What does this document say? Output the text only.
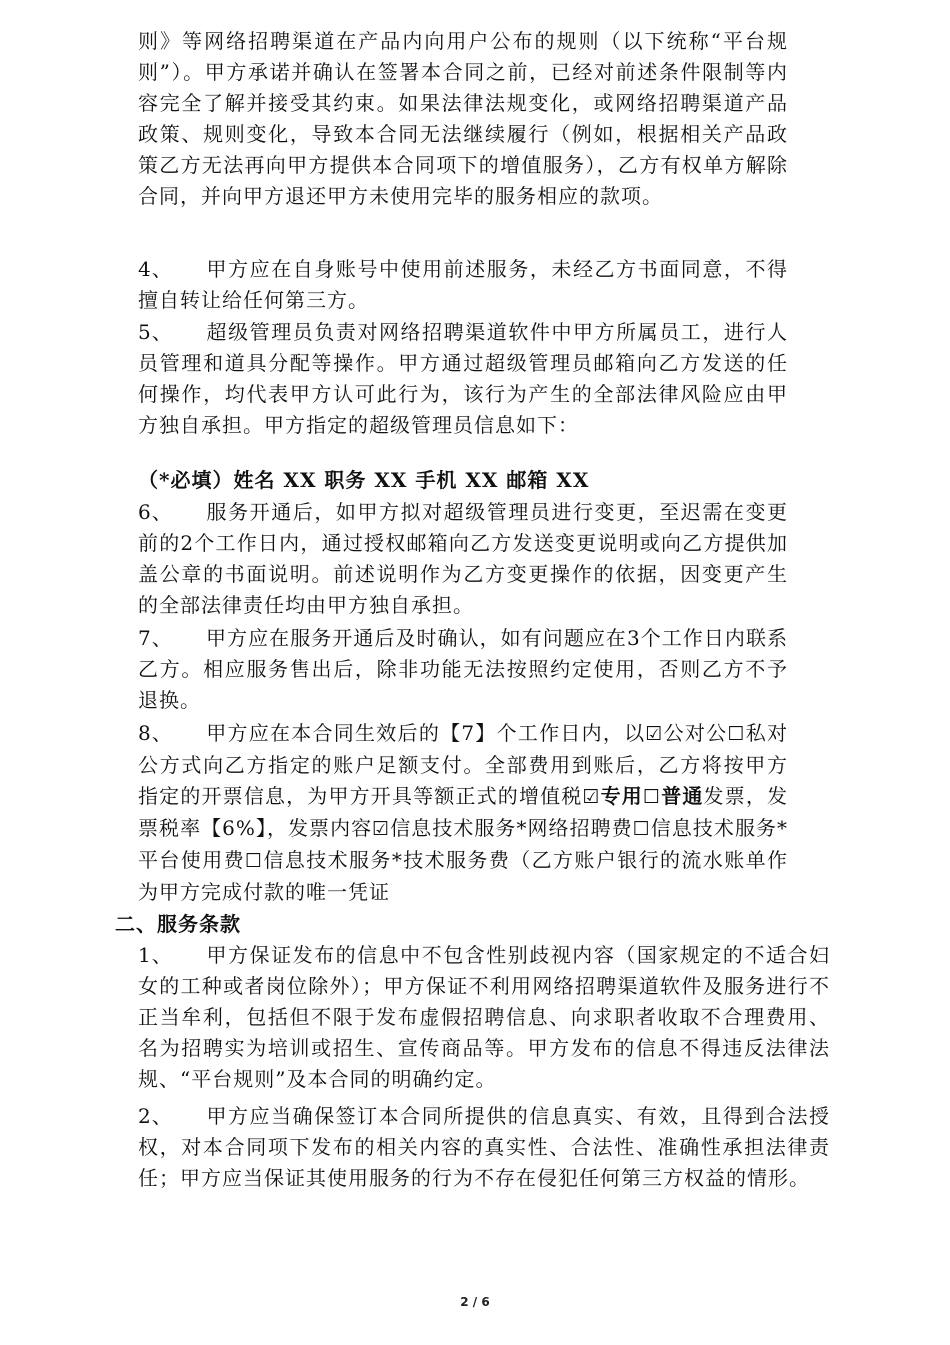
则》等网络招聘渠道在产品内向用户公布的规则（以下统称“平台规则”）。甲方承诺并确认在签署本合同之前，已经对前述条件限制等内容完全了解并接受其约束。如果法律法规变化，或网络招聘渠道产品政策、规则变化，导致本合同无法继续履行（例如，根据相关产品政策乙方无法再向甲方提供本合同项下的增值服务），乙方有权单方解除合同，并向甲方退还甲方未使用完毕的服务相应的款项。

4、 甲方应在自身账号中使用前述服务，未经乙方书面同意，不得擅自转让给任何第三方。

5、 超级管理员负责对网络招聘渠道软件中甲方所属员工，进行人员管理和道具分配等操作。甲方通过超级管理员邮箱向乙方发送的任何操作，均代表甲方认可此行为，该行为产生的全部法律风险应由甲方独自承担。甲方指定的超级管理员信息如下：

（*必填）姓名 XX 职务 XX 手机 XX 邮箱 XX

6、 服务开通后，如甲方拟对超级管理员进行变更，至迟需在变更前的2个工作日内，通过授权邮箱向乙方发送变更说明或向乙方提供加盖公章的书面说明。前述说明作为乙方变更操作的依据，因变更产生的全部法律责任均由甲方独自承担。

7、 甲方应在服务开通后及时确认，如有问题应在3个工作日内联系乙方。相应服务售出后，除非功能无法按照约定使用，否则乙方不予退换。

8、 甲方应在本合同生效后的【7】个工作日内，以☑公对公☐私对公方式向乙方指定的账户足额支付。全部费用到账后，乙方将按甲方指定的开票信息，为甲方开具等额正式的增值税☑专用☐普通发票，发票税率【6%】，发票内容☑信息技术服务*网络招聘费☐信息技术服务*平台使用费☐信息技术服务*技术服务费（乙方账户银行的流水账单作为甲方完成付款的唯一凭证

二、服务条款

1、 甲方保证发布的信息中不包含性别歧视内容（国家规定的不适合妇女的工种或者岗位除外）；甲方保证不利用网络招聘渠道软件及服务进行不正当牟利，包括但不限于发布虚假招聘信息、向求职者收取不合理费用、名为招聘实为培训或招生、宣传商品等。甲方发布的信息不得违反法律法规、“平台规则”及本合同的明确约定。

2、 甲方应当确保签订本合同所提供的信息真实、有效，且得到合法授权，对本合同项下发布的相关内容的真实性、合法性、准确性承担法律责任；甲方应当保证其使用服务的行为不存在侵犯任何第三方权益的情形。

2 / 6
